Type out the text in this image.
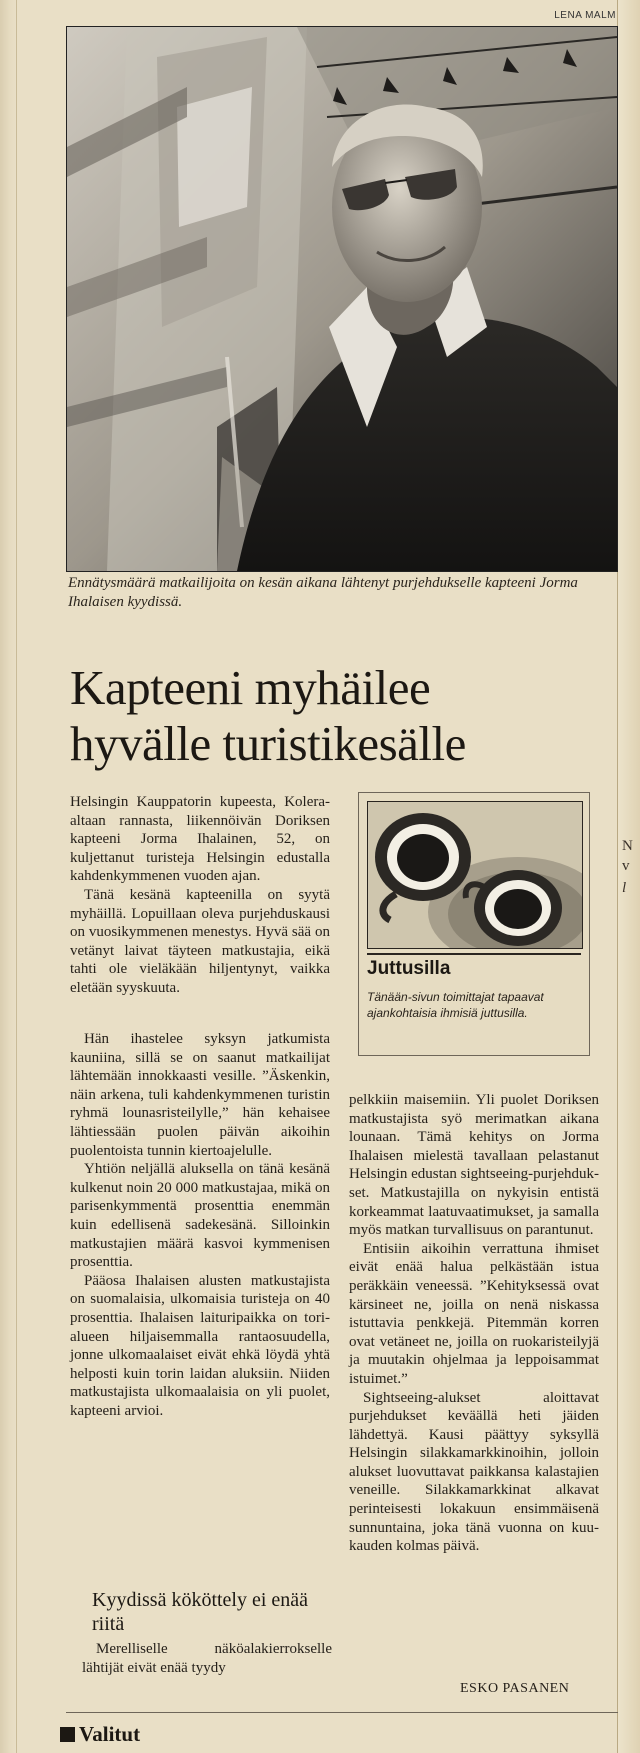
LENA MALM
Ennätysmäärä matkailijoita on kesän aikana lähtenyt purjehdukselle kapteeni Jorma Ihalaisen kyydissä.
Kapteeni myhäilee
hyvälle turistikesälle

Helsingin Kauppatorin kupeesta, Kolera-altaan rannasta, liikennöivän Doriksen kapteeni Jorma Ihalainen, 52, on kuljettanut turisteja Helsingin edustalla kahdenkymmenen vuoden ajan.

Tänä kesänä kapteenilla on syytä myhäillä. Lopuillaan oleva purjehduskausi on vuosikymmenen menestys. Hyvä sää on vetänyt laivat täyteen matkustajia, eikä tahti ole vieläkään hiljentynyt, vaikka eletään syyskuuta.

Hän ihastelee syksyn jatkumista kauniina, sillä se on saanut matkailijat lähtemään innokkaasti vesille. ”Äskenkin, näin arkena, tuli kahdenkymmenen turistin ryhmä lounasristeilylle,” hän kehaisee lähtiessään puolen päivän aikoihin puolentoista tunnin kiertoajelulle.

Yhtiön neljällä aluksella on tänä kesänä kulkenut noin 20 000 matkustajaa, mikä on parisenkymmentä prosenttia enemmän kuin edellisenä sadekesänä. Silloinkin matkustajien määrä kasvoi kymmenisen prosenttia.

Pääosa Ihalaisen alusten matkustajista on suomalaisia, ulkomaisia turisteja on 40 prosenttia. Ihalaisen laituripaikka on torialueen hiljaisemmalla rantaosuudella, jonne ulkomaalaiset eivät ehkä löydä yhtä helposti kuin torin laidan aluksiin. Niiden matkustajista ulkomaalaisia on yli puolet, kapteeni arvioi.

Kyydissä kököttely ei enää riitä

Merelliselle näköalakierrokselle lähtijät eivät enää tyydy

pelkkiin maisemiin. Yli puolet Doriksen matkustajista syö merimatkan aikana lounaan. Tämä kehitys on Jorma Ihalaisen mielestä tavallaan pelastanut Helsingin edustan sightseeing-purjehdukset. Matkustajilla on nykyisin entistä korkeammat laatuvaatimukset, ja samalla myös matkan turvallisuus on parantunut.

Entisiin aikoihin verrattuna ihmiset eivät enää halua pelkästään istua peräkkäin veneessä. ”Kehityksessä ovat kärsineet ne, joilla on nenä niskassa istuttavia penkkejä. Pitemmän korren ovat vetäneet ne, joilla on ruokaristeilyjä ja muutakin ohjelmaa ja leppoisammat istuimet.”

Sightseeing-alukset aloittavat purjehdukset keväällä heti jäiden lähdettyä. Kausi päättyy syksyllä Helsingin silakkamarkkinoihin, jolloin alukset luovuttavat paikkansa kalastajien veneille. Silakkamarkkinat alkavat perinteisesti lokakuun ensimmäisenä sunnuntaina, joka tänä vuonna on kuukauden kolmas päivä.

ESKO PASANEN
Juttusilla
Tänään-sivun toimittajat tapaavat ajankohtaisia ihmisiä juttusilla.
Valitut
N
v
l
